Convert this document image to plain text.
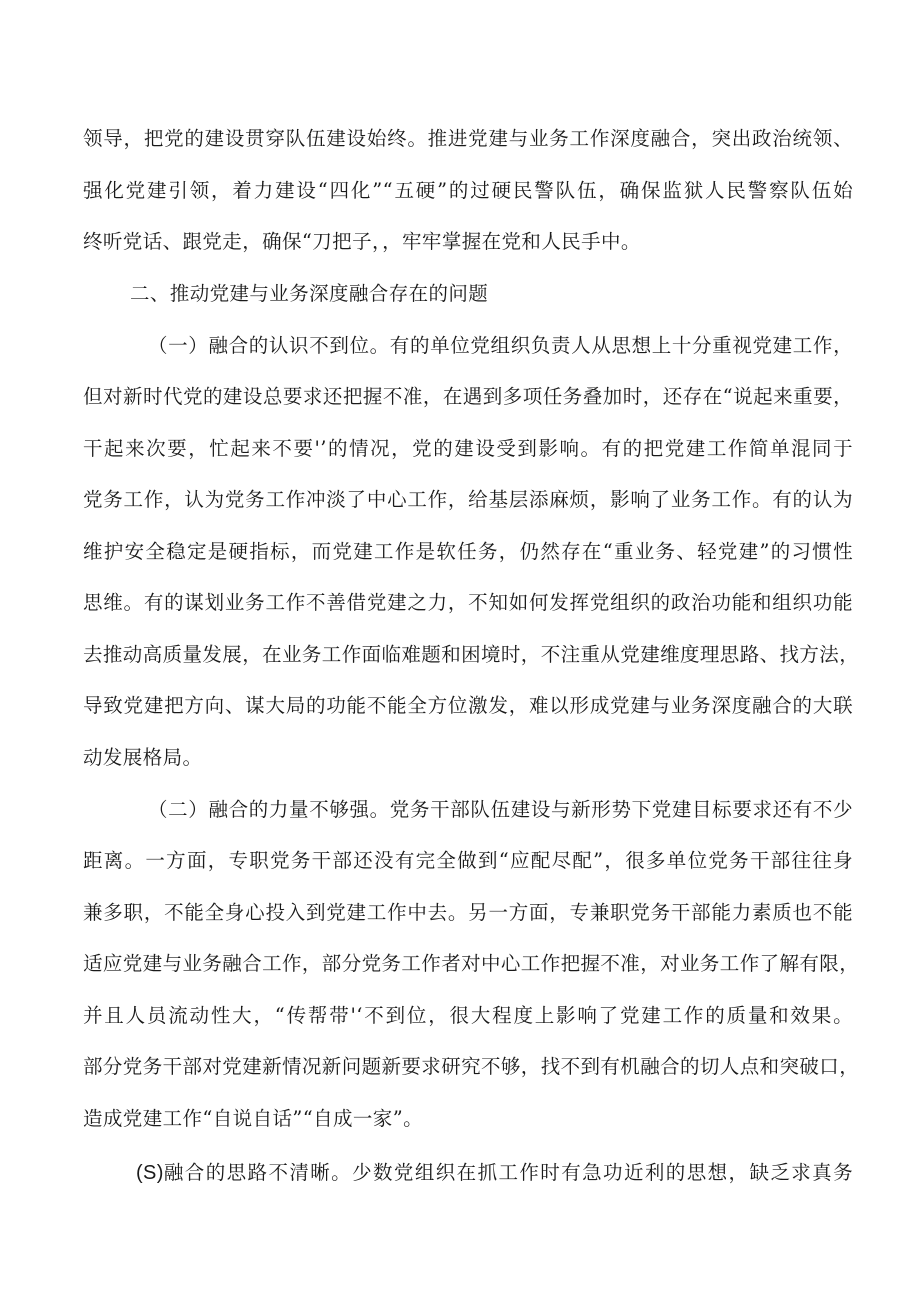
领导，把党的建设贯穿队伍建设始终。推进党建与业务工作深度融合，突出政治统领、
强化党建引领，着力建设“四化”“五硬”的过硬民警队伍，确保监狱人民警察队伍始
终听党话、跟党走，确保“刀把子，，牢牢掌握在党和人民手中。
二、推动党建与业务深度融合存在的问题
（一）融合的认识不到位。有的单位党组织负责人从思想上十分重视党建工作，
但对新时代党的建设总要求还把握不准，在遇到多项任务叠加时，还存在“说起来重要，
干起来次要，忙起来不要'’的情况，党的建设受到影响。有的把党建工作简单混同于
党务工作，认为党务工作冲淡了中心工作，给基层添麻烦，影响了业务工作。有的认为
维护安全稳定是硬指标，而党建工作是软任务，仍然存在“重业务、轻党建”的习惯性
思维。有的谋划业务工作不善借党建之力，不知如何发挥党组织的政治功能和组织功能
去推动高质量发展，在业务工作面临难题和困境时，不注重从党建维度理思路、找方法，
导致党建把方向、谋大局的功能不能全方位激发，难以形成党建与业务深度融合的大联
动发展格局。
（二）融合的力量不够强。党务干部队伍建设与新形势下党建目标要求还有不少
距离。一方面，专职党务干部还没有完全做到“应配尽配”，很多单位党务干部往往身
兼多职，不能全身心投入到党建工作中去。另一方面，专兼职党务干部能力素质也不能
适应党建与业务融合工作，部分党务工作者对中心工作把握不准，对业务工作了解有限，
并且人员流动性大，“传帮带'‘不到位，很大程度上影响了党建工作的质量和效果。
部分党务干部对党建新情况新问题新要求研究不够，找不到有机融合的切人点和突破口，
造成党建工作“自说自话”“自成一家”。
(S) 融合的思路不清晰。少数党组织在抓工作时有急功近利的思想，缺乏求真务
